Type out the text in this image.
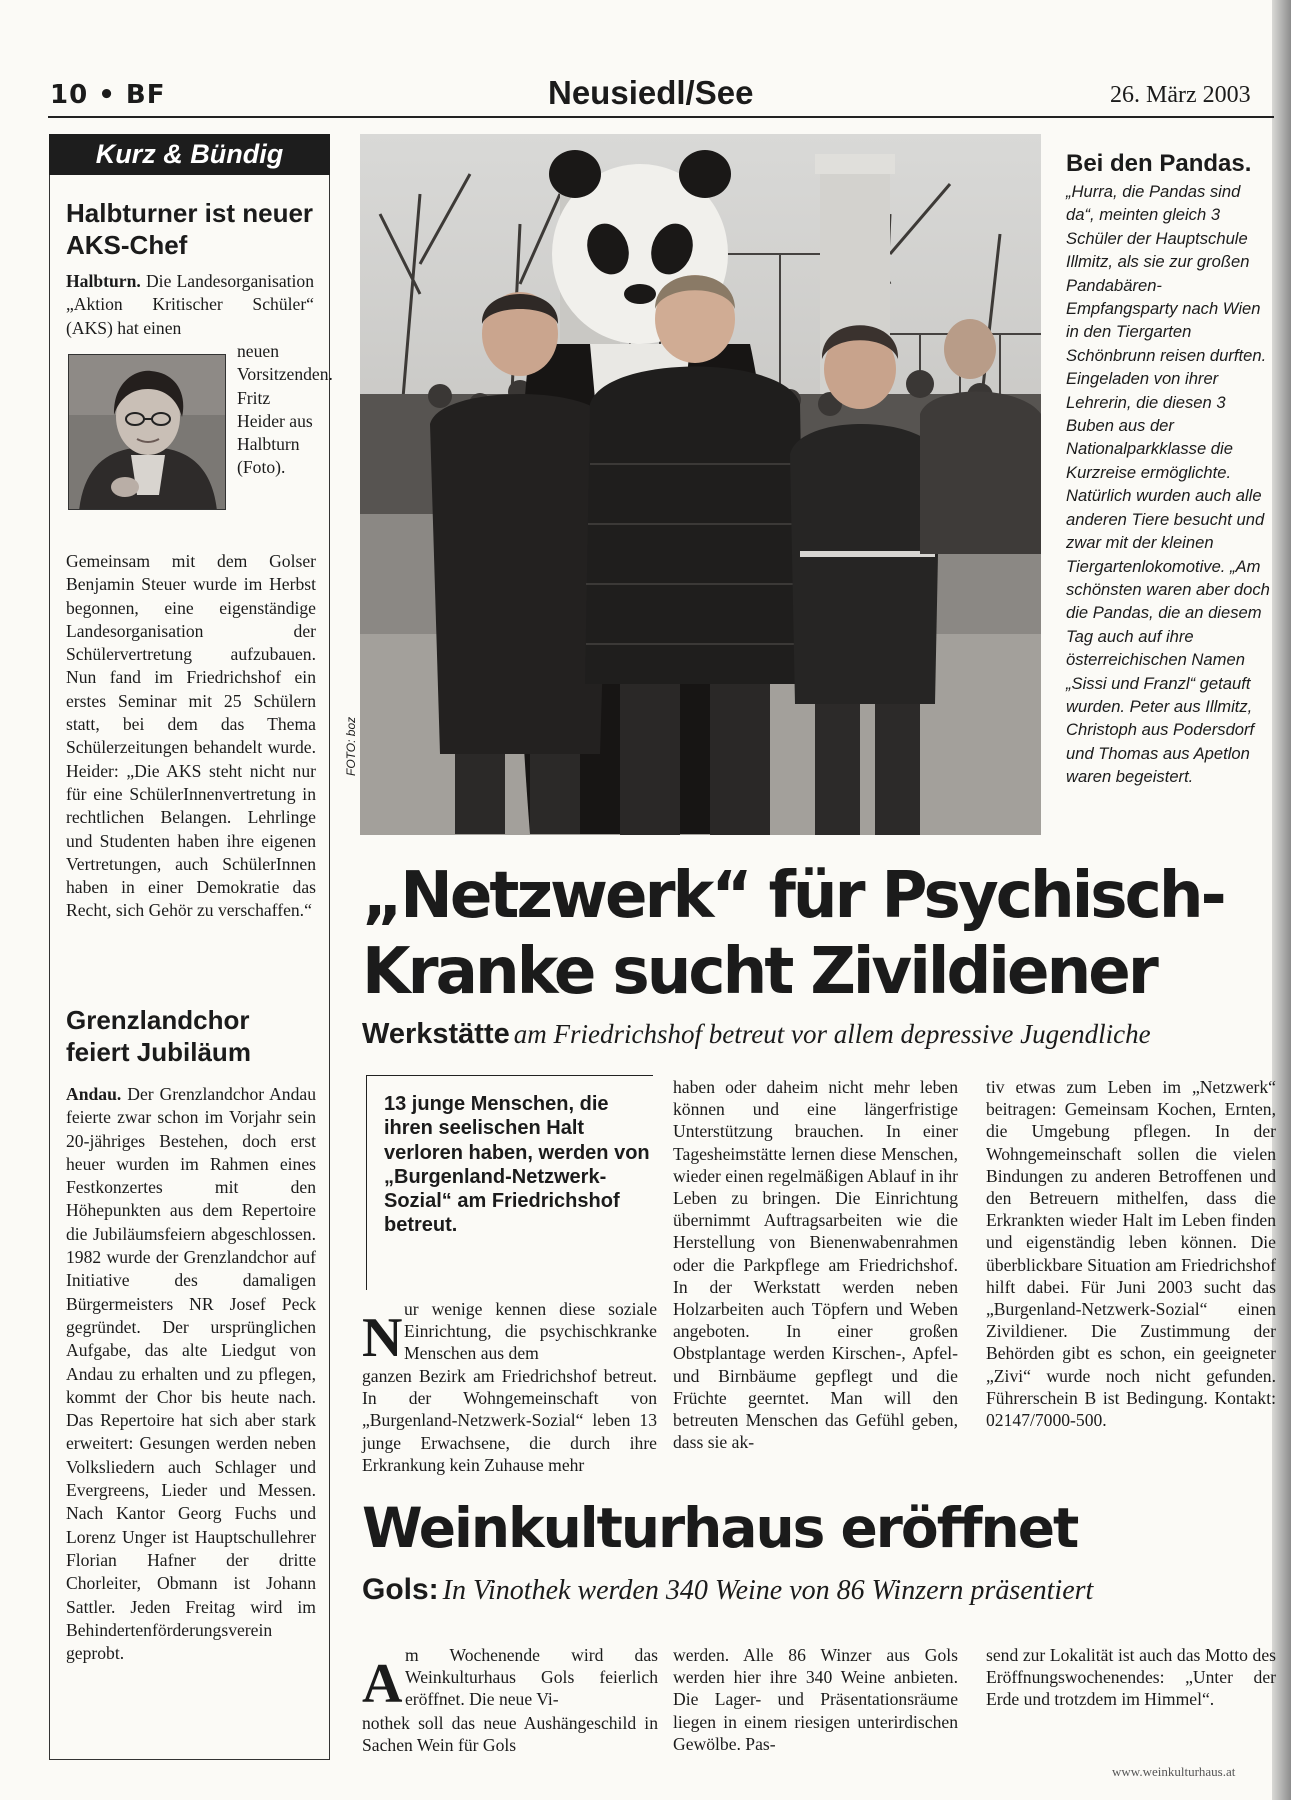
10 • BF	Neusiedl/See	26. März 2003
Kurz & Bündig
Halbturner ist neuer AKS-Chef
Halbturn. Die Landesorganisation „Aktion Kritischer Schüler“ (AKS) hat einen
neuen Vorsitzenden. Fritz Heider aus Halbturn (Foto).
Gemeinsam mit dem Golser Benjamin Steuer wurde im Herbst begonnen, eine eigenständige Landesorganisation der Schülervertretung aufzubauen. Nun fand im Friedrichshof ein erstes Seminar mit 25 Schülern statt, bei dem das Thema Schülerzeitungen behandelt wurde. Heider: „Die AKS steht nicht nur für eine SchülerInnenvertretung in rechtlichen Belangen. Lehrlinge und Studenten haben ihre eigenen Vertretungen, auch SchülerInnen haben in einer Demokratie das Recht, sich Gehör zu verschaffen.“
Grenzlandchor feiert Jubiläum
Andau. Der Grenzlandchor Andau feierte zwar schon im Vorjahr sein 20-jähriges Bestehen, doch erst heuer wurden im Rahmen eines Festkonzertes mit den Höhepunkten aus dem Repertoire die Jubiläumsfeiern abgeschlossen. 1982 wurde der Grenzlandchor auf Initiative des damaligen Bürgermeisters NR Josef Peck gegründet. Der ursprünglichen Aufgabe, das alte Liedgut von Andau zu erhalten und zu pflegen, kommt der Chor bis heute nach. Das Repertoire hat sich aber stark erweitert: Gesungen werden neben Volksliedern auch Schlager und Evergreens, Lieder und Messen. Nach Kantor Georg Fuchs und Lorenz Unger ist Hauptschullehrer Florian Hafner der dritte Chorleiter, Obmann ist Johann Sattler. Jeden Freitag wird im Behindertenförderungsverein geprobt.
FOTO: boz
Bei den Pandas.
„Hurra, die Pandas sind da“, meinten gleich 3 Schüler der Hauptschule Illmitz, als sie zur großen Pandabären-Empfangsparty nach Wien in den Tiergarten Schönbrunn reisen durften. Eingeladen von ihrer Lehrerin, die diesen 3 Buben aus der Nationalparkklasse die Kurzreise ermöglichte. Natürlich wurden auch alle anderen Tiere besucht und zwar mit der kleinen Tiergartenlokomotive. „Am schönsten waren aber doch die Pandas, die an diesem Tag auch auf ihre österreichischen Namen „Sissi und Franzl“ getauft wurden. Peter aus Illmitz, Christoph aus Podersdorf und Thomas aus Apetlon waren begeistert.
„Netzwerk“ für Psychisch-Kranke sucht Zivildiener
Werkstätte am Friedrichshof betreut vor allem depressive Jugendliche
13 junge Menschen, die ihren seelischen Halt verloren haben, werden von „Burgenland-Netzwerk-Sozial“ am Friedrichshof betreut.
N ur wenige kennen diese soziale Einrichtung, die psychischkranke Menschen aus dem
ganzen Bezirk am Friedrichshof betreut. In der Wohngemeinschaft von „Burgenland-Netzwerk-Sozial“ leben 13 junge Erwachsene, die durch ihre Erkrankung kein Zuhause mehr
haben oder daheim nicht mehr leben können und eine längerfristige Unterstützung brauchen. In einer Tagesheimstätte lernen diese Menschen, wieder einen regelmäßigen Ablauf in ihr Leben zu bringen. Die Einrichtung übernimmt Auftragsarbeiten wie die Herstellung von Bienenwabenrahmen oder die Parkpflege am Friedrichshof. In der Werkstatt werden neben Holzarbeiten auch Töpfern und Weben angeboten. In einer großen Obstplantage werden Kirschen-, Apfel- und Birnbäume gepflegt und die Früchte geerntet. Man will den betreuten Menschen das Gefühl geben, dass sie ak-
tiv etwas zum Leben im „Netzwerk“ beitragen: Gemeinsam Kochen, Ernten, die Umgebung pflegen. In der Wohngemeinschaft sollen die vielen Bindungen zu anderen Betroffenen und den Betreuern mithelfen, dass die Erkrankten wieder Halt im Leben finden und eigenständig leben können. Die überblickbare Situation am Friedrichshof hilft dabei. Für Juni 2003 sucht das „Burgenland-Netzwerk-Sozial“ einen Zivildiener. Die Zustimmung der Behörden gibt es schon, ein geeigneter „Zivi“ wurde noch nicht gefunden. Führerschein B ist Bedingung. Kontakt: 02147/7000-500.
Weinkulturhaus eröffnet
Gols: In Vinothek werden 340 Weine von 86 Winzern präsentiert
A m Wochenende wird das Weinkulturhaus Gols feierlich eröffnet. Die neue Vi-
nothek soll das neue Aushängeschild in Sachen Wein für Gols
werden. Alle 86 Winzer aus Gols werden hier ihre 340 Weine anbieten. Die Lager- und Präsentationsräume liegen in einem riesigen unterirdischen Gewölbe. Pas-
send zur Lokalität ist auch das Motto des Eröffnungswochenendes: „Unter der Erde und trotzdem im Himmel“.
www.weinkulturhaus.at
